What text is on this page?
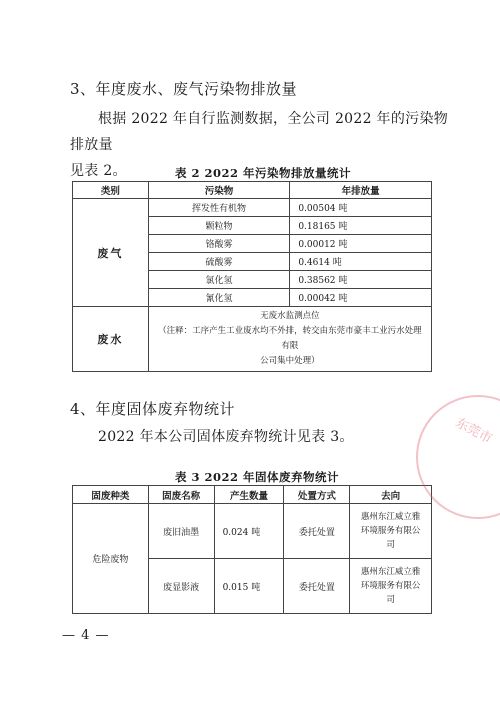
3、年度废水、废气污染物排放量
根据 2022 年自行监测数据，全公司 2022 年的污染物排放量
见表 2。	表 2 2022 年污染物排放量统计
类别	污染物	年排放量
废气	挥发性有机物	0.00504 吨
	颗粒物	0.18165 吨
	铬酸雾	0.00012 吨
	硫酸雾	0.4614 吨
	氯化氢	0.38562 吨
	氰化氢	0.00042 吨
废水	无废水监测点位
（注释：工序产生工业废水均不外排，转交由东莞市豪丰工业污水处理有限
公司集中处理）	
4、年度固体废弃物统计
2022 年本公司固体废弃物统计见表 3。
表 3 2022 年固体废弃物统计
固废种类	固废名称	产生数量	处置方式	去向
危险废物	废旧油墨	0.024 吨	委托处置	惠州东江威立雅
环境服务有限公
司
	废显影液	0.015 吨	委托处置	惠州东江威立雅
环境服务有限公
司
东莞市
— 4 —
